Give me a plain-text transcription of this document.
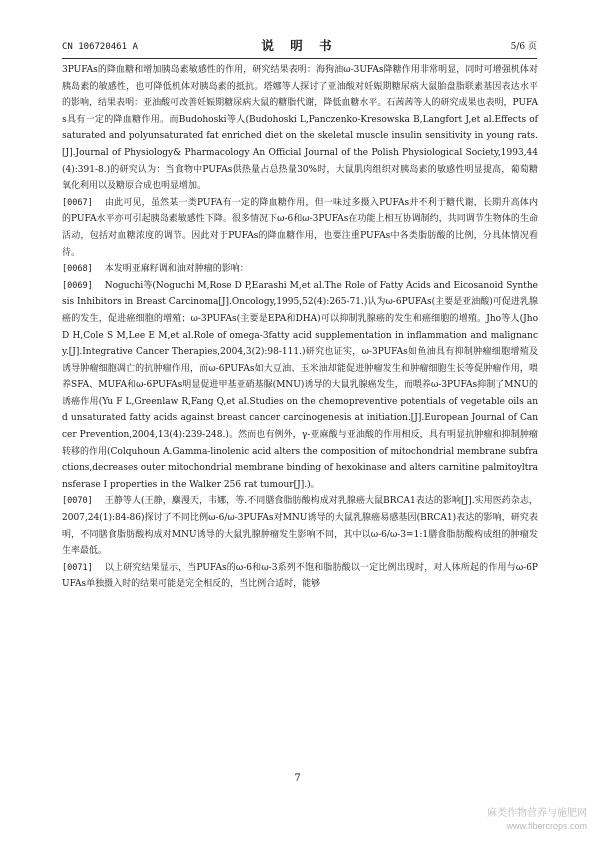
CN 106720461 A	说 明 书	5/6 页

3PUFAs的降血糖和增加胰岛素敏感性的作用，研究结果表明：海狗油ω-3UFAs降糖作用非常明显，同时可增强机体对胰岛素的敏感性，也可降低机体对胰岛素的抵抗。塔娜等人探讨了亚油酸对妊娠期糖尿病大鼠胎盘脂联素基因表达水平的影响，结果表明：亚油酸可改善妊娠期糖尿病大鼠的糖脂代谢，降低血糖水平。石茜茜等人的研究成果也表明，PUFAs具有一定的降血糖作用。而Budohoski等人(Budohoski L,Panczenko-Kresowska B,Langfort J,et al.Effects of saturated and polyunsaturated fat enriched diet on the skeletal muscle insulin sensitivity in young rats.[J].Journal of Physiology& Pharmacology An Official Journal of the Polish Physiological Society,1993,44(4):391-8.)的研究认为：当食物中PUFAs供热量占总热量30%时，大鼠肌肉组织对胰岛素的敏感性明显提高，葡萄糖氧化利用以及糖原合成也明显增加。

[0067] 由此可见，虽然某一类PUFA有一定的降血糖作用，但一味过多摄入PUFAs并不利于糖代谢，长期升高体内的PUFA水平亦可引起胰岛素敏感性下降。很多情况下ω-6和ω-3PUFAs在功能上相互协调制约，共同调节生物体的生命活动，包括对血糖浓度的调节。因此对于PUFAs的降血糖作用，也要注重PUFAs中各类脂肪酸的比例，分具体情况看待。

[0068] 本发明亚麻籽调和油对肿瘤的影响：

[0069] Noguchi等(Noguchi M,Rose D P,Earashi M,et al.The Role of Fatty Acids and Eicosanoid Synthesis Inhibitors in Breast Carcinoma[J].Oncology,1995,52(4):265-71.)认为ω-6PUFAs(主要是亚油酸)可促进乳腺癌的发生，促进癌细胞的增殖；ω-3PUFAs(主要是EPA和DHA)可以抑制乳腺癌的发生和癌细胞的增殖。Jho等人(Jho D H,Cole S M,Lee E M,et al.Role of omega-3fatty acid supplementation in inflammation and malignancy.[J].Integrative Cancer Therapies,2004,3(2):98-111.)研究也证实，ω-3PUFAs如鱼油具有抑制肿瘤细胞增殖及诱导肿瘤细胞凋亡的抗肿瘤作用，而ω-6PUFAs如大豆油、玉米油却能促进肿瘤发生和肿瘤细胞生长等促肿瘤作用，喂养SFA、MUFA和ω-6PUFAs明显促进甲基亚硝基脲(MNU)诱导的大鼠乳腺癌发生，而喂养ω-3PUFAs抑制了MNU的诱癌作用(Yu F L,Greenlaw R,Fang Q,et al.Studies on the chemopreventive potentials of vegetable oils and unsaturated fatty acids against breast cancer carcinogenesis at initiation.[J].European Journal of Cancer Prevention,2004,13(4):239-248.)。然而也有例外，γ-亚麻酸与亚油酸的作用相反，具有明显抗肿瘤和抑制肿瘤转移的作用(Colquhoun A.Gamma-linolenic acid alters the composition of mitochondrial membrane subfractions,decreases outer mitochondrial membrane binding of hexokinase and alters carnitine palmitoyltransferase I properties in the Walker 256 rat tumour[J].)。

[0070] 王静等人(王静，麋漫天，韦娜，等.不同膳食脂肪酸构成对乳腺癌大鼠BRCA1表达的影响[J].实用医药杂志，2007,24(1):84-86)探讨了不同比例ω-6/ω-3PUFAs对MNU诱导的大鼠乳腺癌易感基因(BRCA1)表达的影响，研究表明，不同膳食脂肪酸构成对MNU诱导的大鼠乳腺肿瘤发生影响不同，其中以ω-6/ω-3=1:1膳食脂肪酸构成组的肿瘤发生率最低。

[0071] 以上研究结果显示，当PUFAs的ω-6和ω-3系列不饱和脂肪酸以一定比例出现时，对人体所起的作用与ω-6PUFAs单独摄入时的结果可能是完全相反的，当比例合适时，能够

7
麻类作物营养与施肥网
www.fibercrops.com
